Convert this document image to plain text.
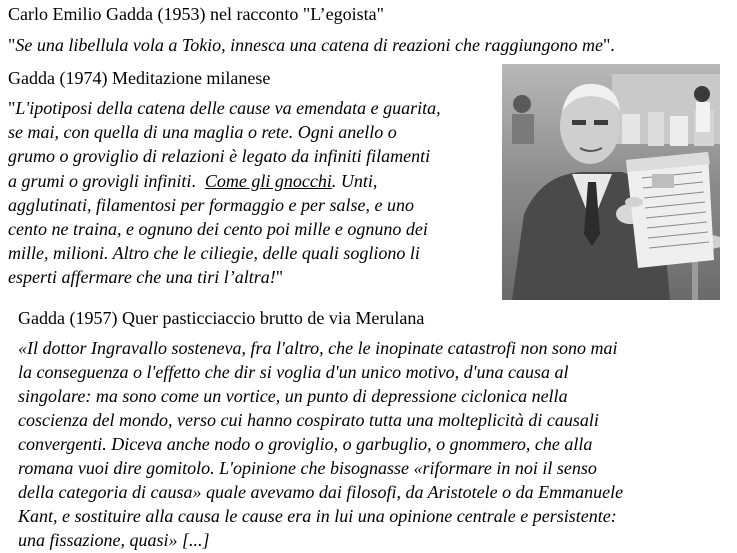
Carlo Emilio Gadda (1953) nel racconto "L’egoista"
"Se una libellula vola a Tokio, innesca una catena di reazioni che raggiungono me".
Gadda (1974) Meditazione milanese
"L'ipotiposi della catena delle cause va emendata e guarita,
se mai, con quella di una maglia o rete. Ogni anello o
grumo o groviglio di relazioni è legato da infiniti filamenti
a grumi o grovigli infiniti. Come gli gnocchi. Unti,
agglutinati, filamentosi per formaggio e per salse, e uno
cento ne traina, e ognuno dei cento poi mille e ognuno dei
mille, milioni. Altro che le ciliegie, delle quali sogliono li
esperti affermare che una tiri l’altra!"
Gadda (1957) Quer pasticciaccio brutto de via Merulana
«Il dottor Ingravallo sosteneva, fra l'altro, che le inopinate catastrofi non sono mai
la conseguenza o l'effetto che dir si voglia d'un unico motivo, d'una causa al
singolare: ma sono come un vortice, un punto di depressione ciclonica nella
coscienza del mondo, verso cui hanno cospirato tutta una molteplicità di causali
convergenti. Diceva anche nodo o groviglio, o garbuglio, o gnommero, che alla
romana vuoi dire gomitolo. L'opinione che bisognasse «riformare in noi il senso
della categoria di causa» quale avevamo dai filosofi, da Aristotele o da Emmanuele
Kant, e sostituire alla causa le cause era in lui una opinione centrale e persistente:
una fissazione, quasi» [...]
